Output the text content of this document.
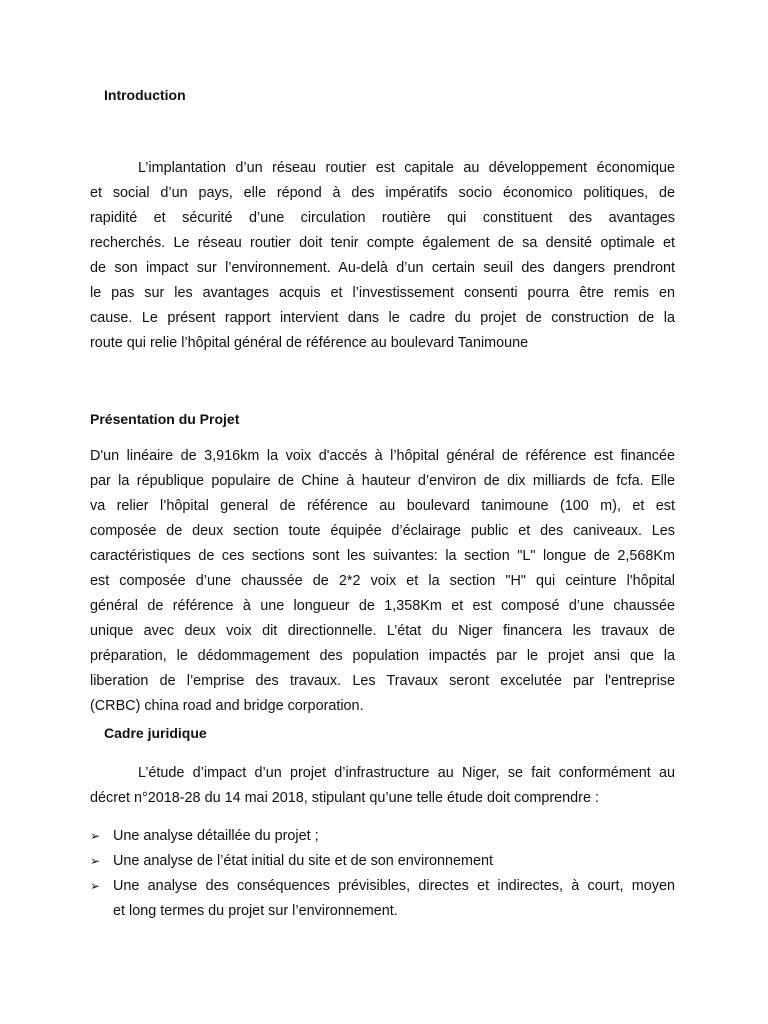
Introduction
L’implantation d’un réseau routier est capitale au développement économique
et social d’un pays, elle répond à des impératifs socio économico politiques, de
rapidité et sécurité d’une circulation routière qui constituent des avantages
recherchés. Le réseau routier doit tenir compte également de sa densité optimale et
de son impact sur l’environnement. Au-delà d’un certain seuil des dangers prendront
le pas sur les avantages acquis et l’investissement consenti pourra être remis en
cause. Le présent rapport intervient dans le cadre du projet de construction de la
route qui relie l’hôpital général de référence au boulevard Tanimoune
Présentation du Projet
D'un linéaire de 3,916km la voix d'accés à l’hôpital général de référence est financée
par la république populaire de Chine à hauteur d’environ de dix milliards de fcfa. Elle
va relier l’hôpital general de référence au boulevard tanimoune (100 m), et est
composée de deux section toute équipée d’éclairage public et des caniveaux. Les
caractéristiques de ces sections sont les suivantes: la section "L" longue de 2,568Km
est composée d’une chaussée de 2*2 voix et la section "H" qui ceinture l'hôpital
général de référence à une longueur de 1,358Km et est composé d’une chaussée
unique avec deux voix dit directionnelle. L’état du Niger financera les travaux de
préparation, le dédommagement des population impactés par le projet ansi que la
liberation de l’emprise des travaux. Les Travaux seront excelutée par l'entreprise
(CRBC) china road and bridge corporation.
Cadre juridique
L’étude d’impact d’un projet d’infrastructure au Niger, se fait conformément au
décret n°2018-28 du 14 mai 2018, stipulant qu’une telle étude doit comprendre :
➢ Une analyse détaillée du projet ;
➢ Une analyse de l’état initial du site et de son environnement
➢ Une analyse des conséquences prévisibles, directes et indirectes, à court, moyen
et long termes du projet sur l’environnement.
